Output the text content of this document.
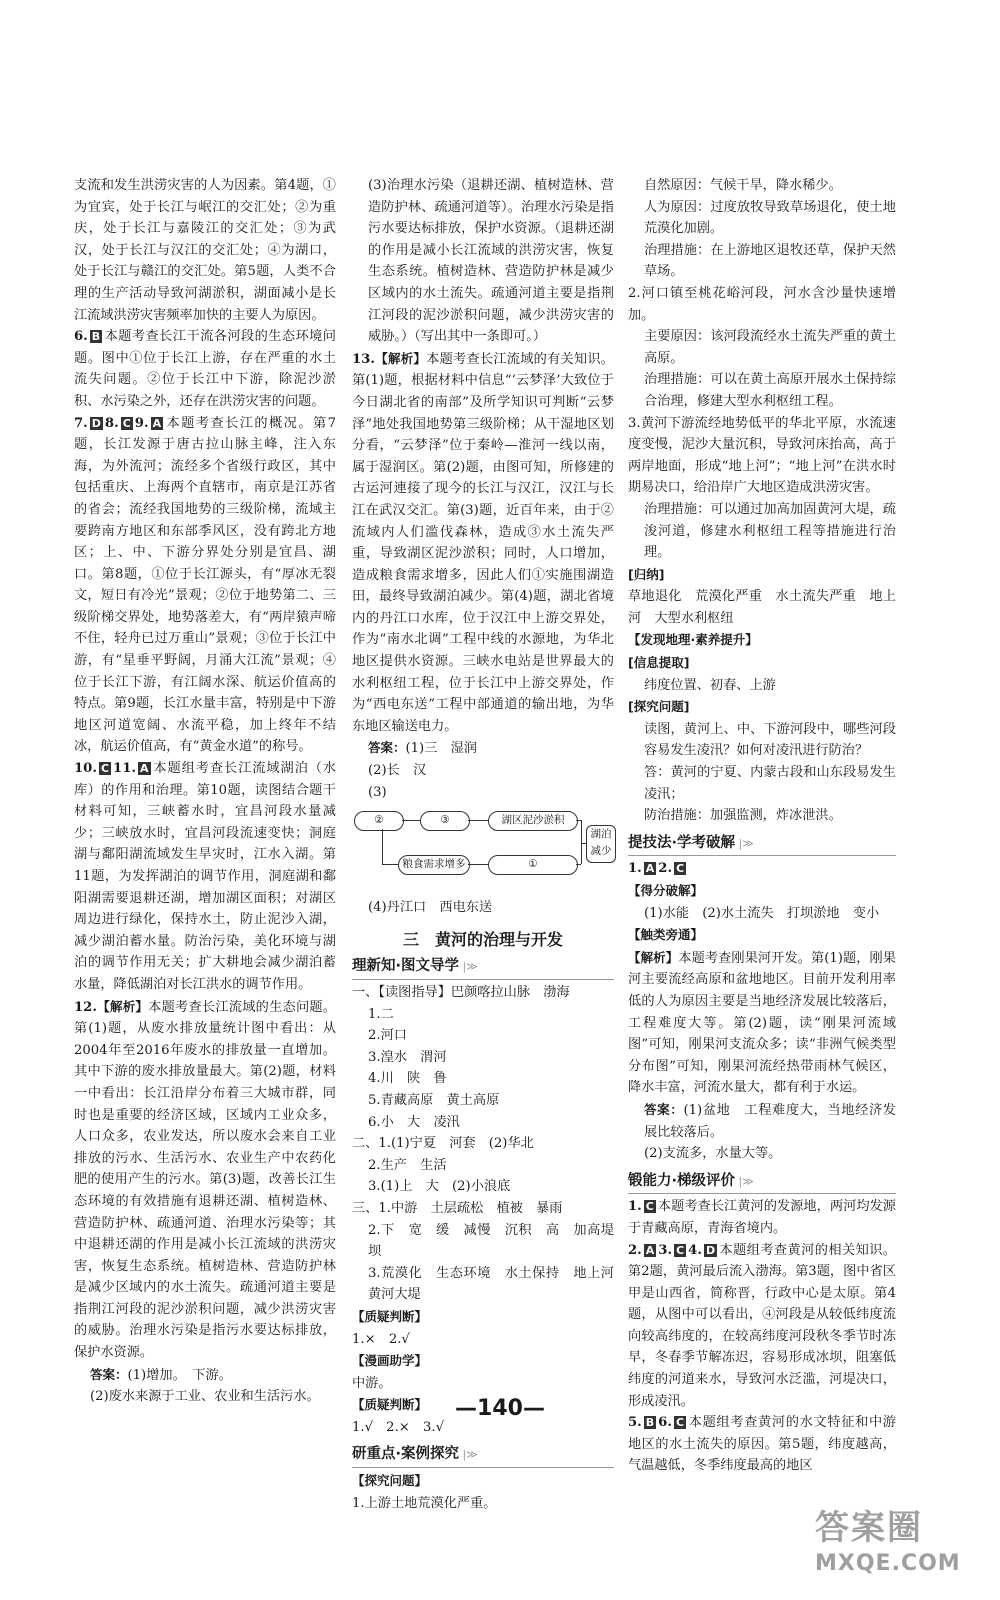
支流和发生洪涝灾害的人为因素。第4题，①为宜宾，处于长江与岷江的交汇处；②为重庆，处于长江与嘉陵江的交汇处；③为武汉，处于长江与汉江的交汇处；④为湖口，处于长江与赣江的交汇处。第5题，人类不合理的生产活动导致河湖淤积，湖面减小是长江流域洪涝灾害频率加快的主要人为原因。

6. B 本题考查长江干流各河段的生态环境问题。图中①位于长江上游，存在严重的水土流失问题。②位于长江中下游，除泥沙淤积、水污染之外，还存在洪涝灾害的问题。

7. D 8. C 9. A 本题考查长江的概况。第7题，长江发源于唐古拉山脉主峰，注入东海，为外流河；流经多个省级行政区，其中包括重庆、上海两个直辖市，南京是江苏省的省会；流经我国地势的三级阶梯，流域主要跨南方地区和东部季风区，没有跨北方地区；上、中、下游分界处分别是宜昌、湖口。第8题，①位于长江源头，有“厚冰无裂文，短日有冷光”景观；②位于地势第二、三级阶梯交界处，地势落差大，有“两岸猿声啼不住，轻舟已过万重山”景观；③位于长江中游，有“星垂平野阔，月涌大江流”景观；④位于长江下游，有江阔水深、航运价值高的特点。第9题，长江水量丰富，特别是中下游地区河道宽阔、水流平稳，加上终年不结冰，航运价值高，有“黄金水道”的称号。

10. C 11. A 本题组考查长江流域湖泊（水库）的作用和治理。第10题，读图结合题干材料可知，三峡蓄水时，宜昌河段水量减少；三峡放水时，宜昌河段流速变快；洞庭湖与鄱阳湖流域发生旱灾时，江水入湖。第11题，为发挥湖泊的调节作用，洞庭湖和鄱阳湖需要退耕还湖，增加湖区面积；对湖区周边进行绿化，保持水土，防止泥沙入湖，减少湖泊蓄水量。防治污染，美化环境与湖泊的调节作用无关；扩大耕地会减少湖泊蓄水量，降低湖泊对长江洪水的调节作用。

12.【解析】本题考查长江流域的生态问题。第(1)题，从废水排放量统计图中看出：从2004年至2016年废水的排放量一直增加。其中下游的废水排放量最大。第(2)题，材料一中看出：长江沿岸分布着三大城市群，同时也是重要的经济区域，区域内工业众多，人口众多，农业发达，所以废水会来自工业排放的污水、生活污水、农业生产中农药化肥的使用产生的污水。第(3)题，改善长江生态环境的有效措施有退耕还湖、植树造林、营造防护林、疏通河道、治理水污染等；其中退耕还湖的作用是减小长江流域的洪涝灾害，恢复生态系统。植树造林、营造防护林是减少区域内的水土流失。疏通河道主要是指荆江河段的泥沙淤积问题，减少洪涝灾害的威胁。治理水污染是指污水要达标排放，保护水资源。

答案：(1)增加。　下游。

(2)废水来源于工业、农业和生活污水。

(3)治理水污染（退耕还湖、植树造林、营造防护林、疏通河道等）。治理水污染是指污水要达标排放，保护水资源。（退耕还湖的作用是减小长江流域的洪涝灾害，恢复生态系统。植树造林、营造防护林是减少区域内的水土流失。疏通河道主要是指荆江河段的泥沙淤积问题，减少洪涝灾害的威胁。）（写出其中一条即可。）

13.【解析】本题考查长江流域的有关知识。第(1)题，根据材料中信息“‘云梦泽’大致位于今日湖北省的南部”及所学知识可判断“云梦泽”地处我国地势第三级阶梯；从干湿地区划分看，“云梦泽”位于秦岭—淮河一线以南，属于湿润区。第(2)题，由图可知，所修建的古运河連接了现今的长江与汉江，汉江与长江在武汉交汇。第(3)题，近百年来，由于②流域内人们滥伐森林，造成③水土流失严重，导致湖区泥沙淤积；同时，人口增加，造成粮食需求增多，因此人们①实施围湖造田，最终导致湖泊减少。第(4)题，湖北省境内的丹江口水库，位于汉江中上游交界处，作为“南水北调”工程中线的水源地，为华北地区提供水资源。三峡水电站是世界最大的水利枢纽工程，位于长江中上游交界处，作为“西电东送”工程中部通道的输出地，为华东地区输送电力。

答案：(1)三　湿润

(2)长　汉

(3)

②	③	湖区泥沙淤积
粮食需求增多	①
湖泊减少

(4)丹江口　西电东送

三　黄河的治理与开发
理新知·图文导学 |≫

一、【读图指导】巴颜喀拉山脉　渤海

1.二

2.河口

3.湟水　渭河

4.川　陕　鲁

5.青藏高原　黄土高原

6.小　大　凌汛

二、1.(1)宁夏　河套　(2)华北

2.生产　生活

3.(1)上　大　(2)小浪底

三、1.中游　土层疏松　植被　暴雨

2.下　宽　缓　减慢　沉积　高　加高堤坝

3.荒漠化　生态环境　水土保持　地上河　黄河大堤

【质疑判断】

1.×　2.√

【漫画助学】

中游。

【质疑判断】

1.√　2.×　3.√

研重点·案例探究 |≫

【探究问题】

1.上游土地荒漠化严重。

自然原因：气候干旱，降水稀少。

人为原因：过度放牧导致草场退化，使土地荒漠化加剧。

治理措施：在上游地区退牧还草，保护天然草场。

2.河口镇至桃花峪河段，河水含沙量快速增加。

主要原因：该河段流经水土流失严重的黄土高原。

治理措施：可以在黄土高原开展水土保持综合治理，修建大型水利枢纽工程。

3.黄河下游流经地势低平的华北平原，水流速度变慢，泥沙大量沉积，导致河床抬高，高于两岸地面，形成“地上河”；“地上河”在洪水时期易决口，给沿岸广大地区造成洪涝灾害。

治理措施：可以通过加高加固黄河大堤，疏浚河道，修建水利枢纽工程等措施进行治理。

[归纳]

草地退化　荒漠化严重　水土流失严重　地上河　大型水利枢纽

【发现地理·素养提升】

[信息提取]

纬度位置、初春、上游

[探究问题]

读图，黄河上、中、下游河段中，哪些河段容易发生凌汛？如何对凌汛进行防治？

答：黄河的宁夏、内蒙古段和山东段易发生凌汛；

防治措施：加强监测，炸冰泄洪。

提技法·学考破解 |≫

1. A 2. C

【得分破解】

(1)水能　(2)水土流失　打坝淤地　变小

【触类旁通】

【解析】本题考查刚果河开发。第(1)题，刚果河主要流经高原和盆地地区。目前开发利用率低的人为原因主要是当地经济发展比较落后，工程难度大等。第(2)题，读“刚果河流域图”可知，刚果河支流众多；读“非洲气候类型分布图”可知，刚果河流经热带雨林气候区，降水丰富，河流水量大，都有利于水运。

答案：(1)盆地　工程难度大，当地经济发展比较落后。

(2)支流多，水量大等。

锻能力·梯级评价 |≫

1. C 本题考查长江黄河的发源地，两河均发源于青藏高原，青海省境内。

2. A 3. C 4. D 本题组考查黄河的相关知识。第2题，黄河最后流入渤海。第3题，图中省区甲是山西省，简称晋，行政中心是太原。第4题，从图中可以看出，④河段是从较低纬度流向较高纬度的，在较高纬度河段秋冬季节时冻早，冬春季节解冻迟，容易形成冰坝，阻塞低纬度的河道来水，导致河水泛滥，河堤决口，形成凌汛。

5. B 6. C 本题组考查黄河的水文特征和中游地区的水土流失的原因。第5题，纬度越高，气温越低，冬季纬度最高的地区

—140—
答案圈
MXQE.COM
